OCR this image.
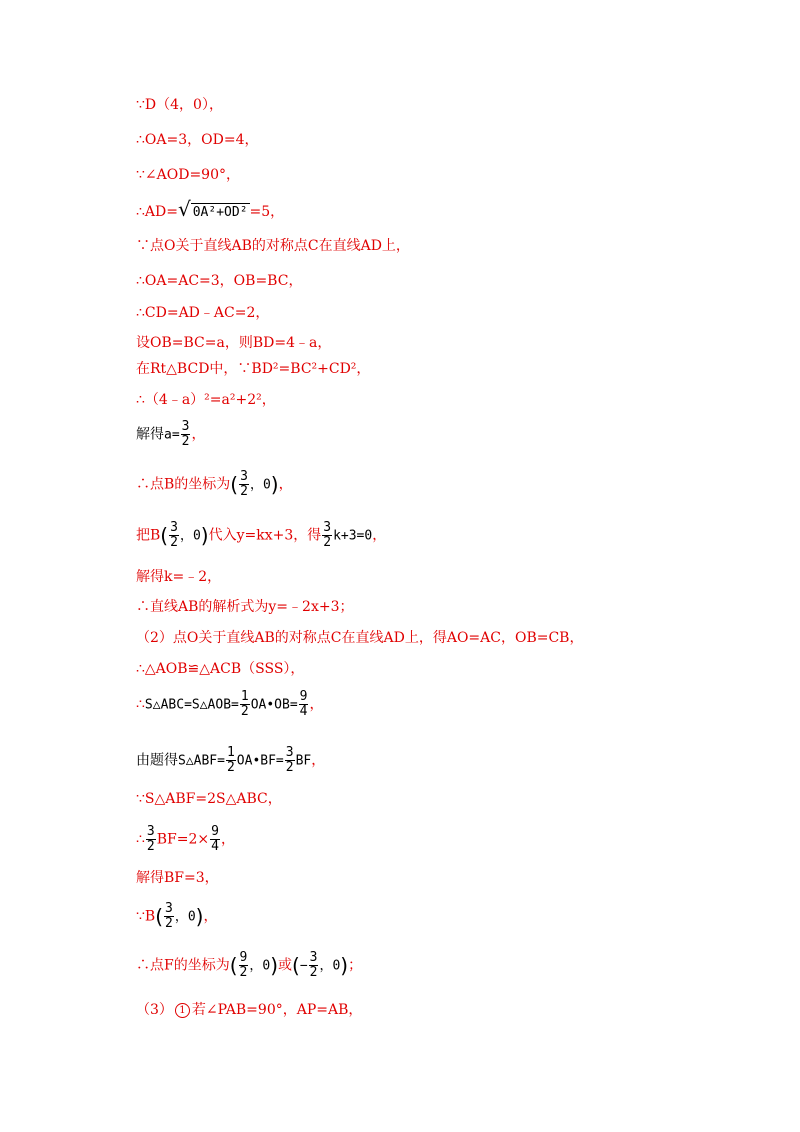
∵D（4，0），
∴OA=3，OD=4，
∵∠AOD=90°，
∴AD=√ 0A²+OD² =5，
∵点O关于直线AB的对称点C在直线AD上，
∴OA=AC=3，OB=BC，
∴CD=AD﹣AC=2，
设OB=BC=a，则BD=4﹣a，
在Rt△BCD中，∵BD²=BC²+CD²，
∴（4﹣a）²=a²+2²，
解得$a= \frac{3}{2}$ ，
∴点B的坐标为( $\frac{3}{2}$ ，0)，
把$B( \frac{3}{2}$ ，0)代入y=kx+3，得 $\frac{3}{2} k+3=0$，
解得k=﹣2，
∴直线AB的解析式为y=﹣2x+3；
（2）点O关于直线AB的对称点C在直线AD上，得AO=AC，OB=CB，
∴△AOB≌△ACB（SSS），
∴S△ABC=S△AOB= $\frac{1}{2}$ OA•OB= $\frac{9}{4}$ ，
由题得S△ABF= $\frac{1}{2}$ OA•BF= $\frac{3}{2}$ BF，
∵S△ABF=2S△ABC，
∴ $\frac{3}{2} BF=2\times \frac{9}{4}$ ，
解得BF=3，
∵B( $\frac{3}{2}$ ，0)，
∴点F的坐标为( $\frac{9}{2}$ ，0)或(− $\frac{3}{2}$ ，0)；
（3） 1 若∠PAB=90°，AP=AB，
